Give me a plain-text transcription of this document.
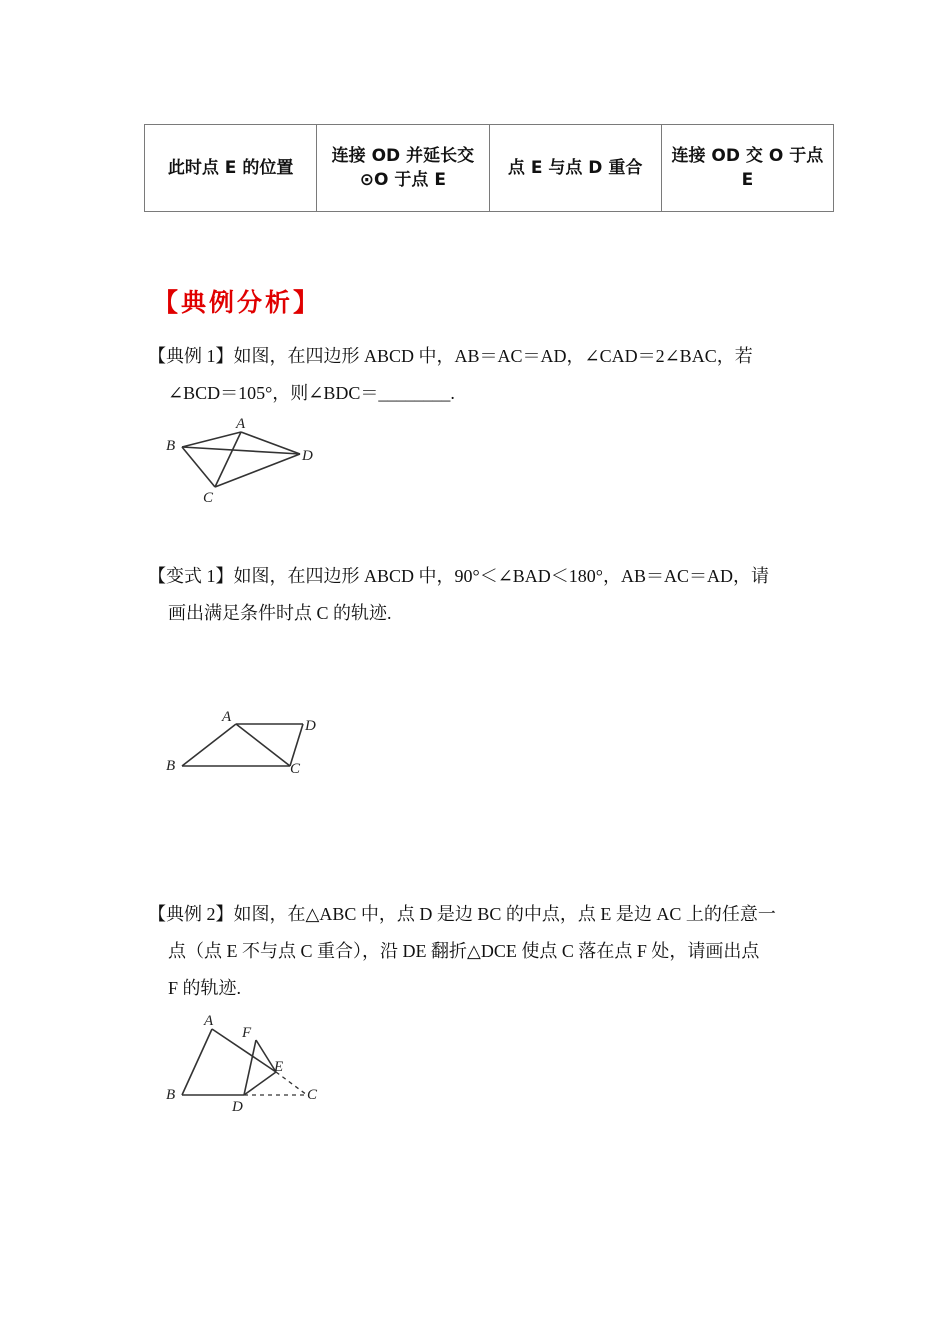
此时点 E 的位置	连接 OD 并延长交⊙O 于点 E	点 E 与点 D 重合	连接 OD 交 O 于点 E
【典例分析】
【典例 1】如图，在四边形 ABCD 中，AB＝AC＝AD，∠CAD＝2∠BAC，若
∠BCD＝105°，则∠BDC＝________.
A
B
C
D
【变式 1】如图，在四边形 ABCD 中，90°＜∠BAD＜180°，AB＝AC＝AD，请
画出满足条件时点 C 的轨迹.
A
B	C
D
【典例 2】如图，在△ABC 中，点 D 是边 BC 的中点，点 E 是边 AC 上的任意一
点（点 E 不与点 C 重合），沿 DE 翻折△DCE 使点 C 落在点 F 处，请画出点
F 的轨迹.
A
B	C
D
E
F
